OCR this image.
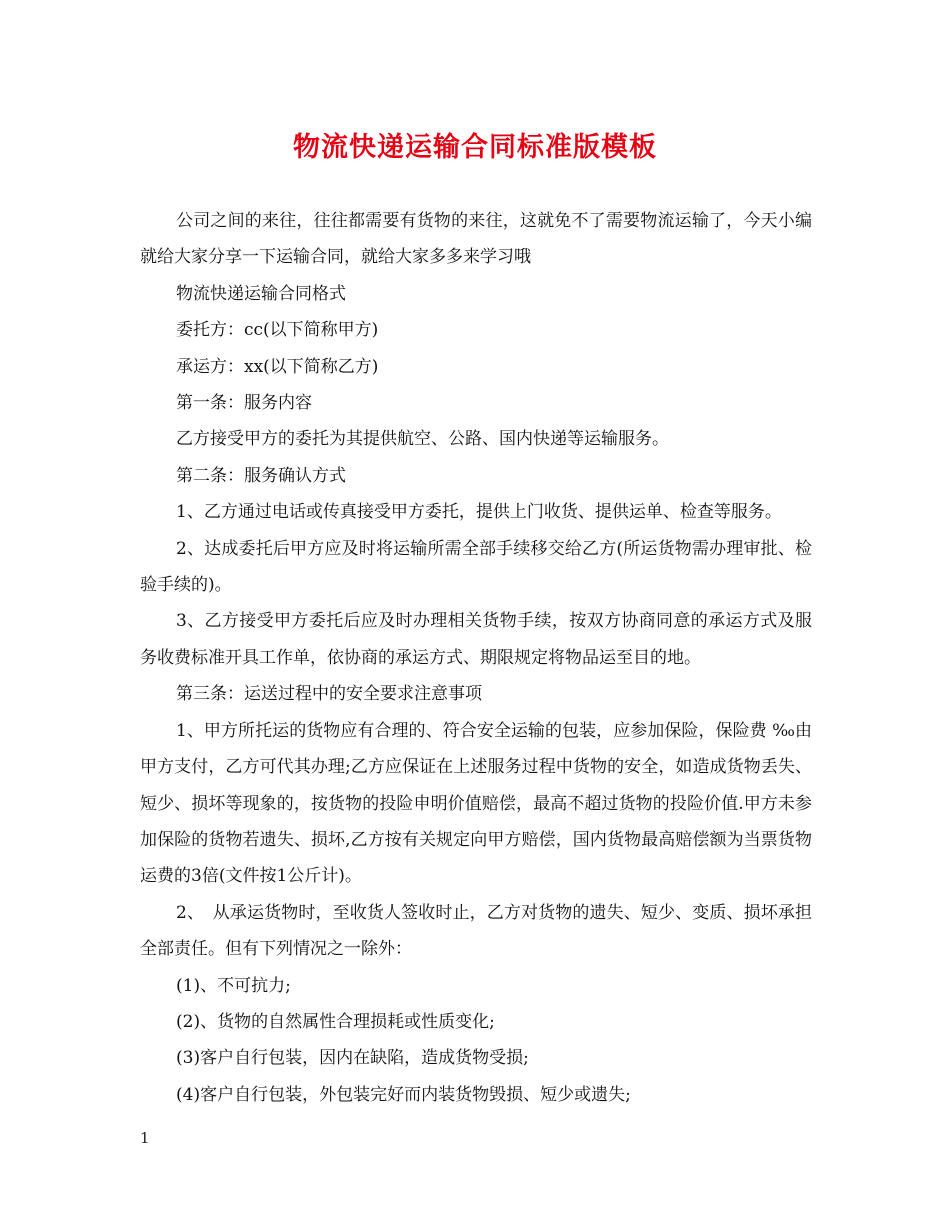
物流快递运输合同标准版模板

公司之间的来往，往往都需要有货物的来往，这就免不了需要物流运输了，今天小编就给大家分享一下运输合同，就给大家多多来学习哦

物流快递运输合同格式

委托方：cc(以下简称甲方)

承运方：xx(以下简称乙方)

第一条：服务内容

乙方接受甲方的委托为其提供航空、公路、国内快递等运输服务。

第二条：服务确认方式

1、乙方通过电话或传真接受甲方委托，提供上门收货、提供运单、检查等服务。

2、达成委托后甲方应及时将运输所需全部手续移交给乙方(所运货物需办理审批、检验手续的)。

3、乙方接受甲方委托后应及时办理相关货物手续，按双方协商同意的承运方式及服务收费标准开具工作单，依协商的承运方式、期限规定将物品运至目的地。

第三条：运送过程中的安全要求注意事项

1、甲方所托运的货物应有合理的、符合安全运输的包装，应参加保险，保险费 ‰由甲方支付，乙方可代其办理;乙方应保证在上述服务过程中货物的安全，如造成货物丢失、短少、损坏等现象的，按货物的投险申明价值赔偿，最高不超过货物的投险价值.甲方未参加保险的货物若遗失、损坏,乙方按有关规定向甲方赔偿，国内货物最高赔偿额为当票货物运费的3倍(文件按1公斤计)。

2、　从承运货物时，至收货人签收时止，乙方对货物的遗失、短少、变质、损坏承担全部责任。但有下列情况之一除外：

(1)、不可抗力;

(2)、货物的自然属性合理损耗或性质变化;

(3)客户自行包装，因内在缺陷，造成货物受损;

(4)客户自行包装，外包装完好而内装货物毁损、短少或遗失;

1
